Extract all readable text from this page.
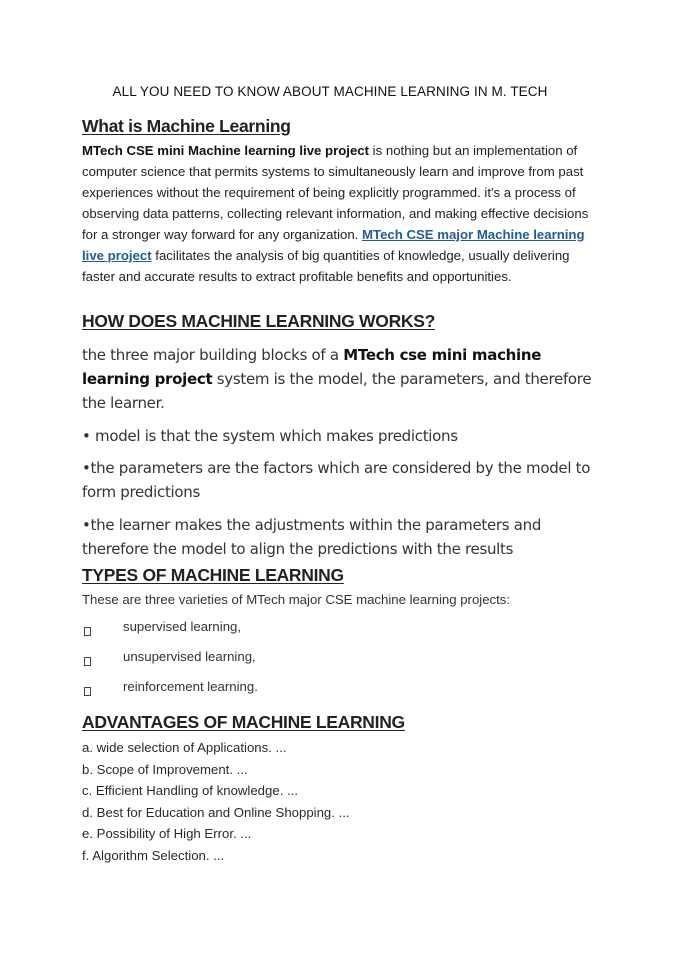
ALL YOU NEED TO KNOW ABOUT MACHINE LEARNING IN M. TECH

What is Machine Learning

MTech CSE mini Machine learning live project is nothing but an implementation of computer science that permits systems to simultaneously learn and improve from past experiences without the requirement of being explicitly programmed. it's a process of observing data patterns, collecting relevant information, and making effective decisions for a stronger way forward for any organization. MTech CSE major Machine learning live project facilitates the analysis of big quantities of knowledge, usually delivering faster and accurate results to extract profitable benefits and opportunities.

HOW DOES MACHINE LEARNING WORKS?

the three major building blocks of a MTech cse mini machine learning project system is the model, the parameters, and therefore the learner.

• model is that the system which makes predictions

•the parameters are the factors which are considered by the model to form predictions

•the learner makes the adjustments within the parameters and therefore the model to align the predictions with the results

TYPES OF MACHINE LEARNING

These are three varieties of MTech major CSE machine learning projects:

supervised learning,

unsupervised learning,

reinforcement learning.

ADVANTAGES OF MACHINE LEARNING

a. wide selection of Applications. ...

b. Scope of Improvement. ...

c. Efficient Handling of knowledge. ...

d. Best for Education and Online Shopping. ...

e. Possibility of High Error. ...

f. Algorithm Selection. ...
